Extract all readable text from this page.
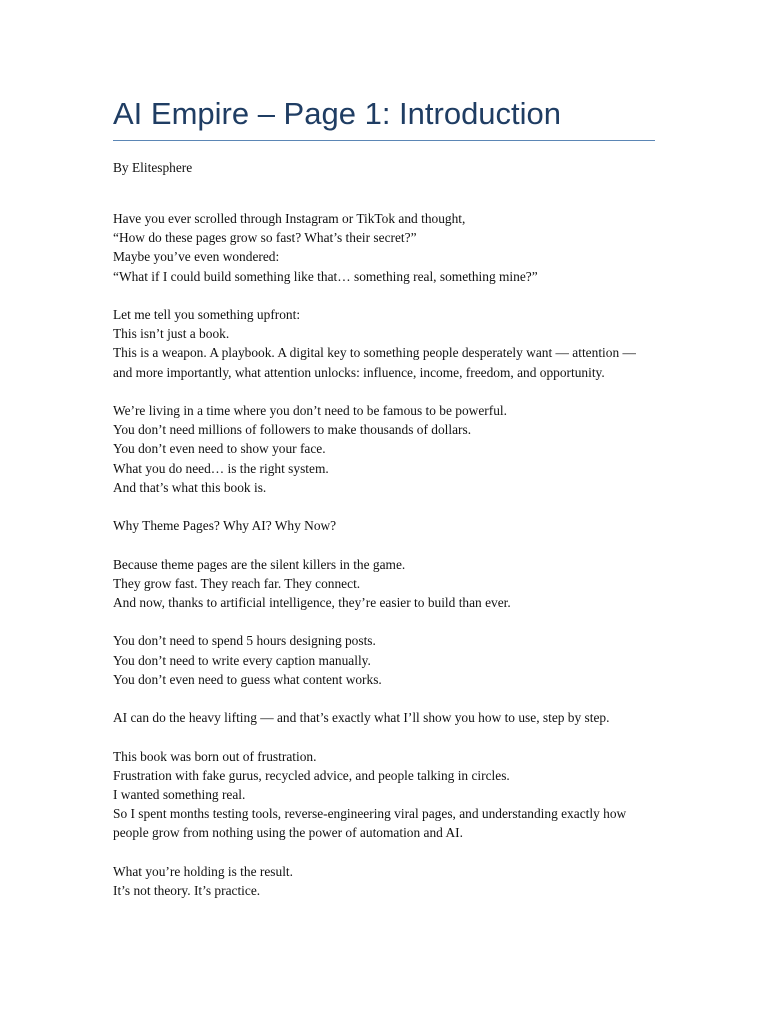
AI Empire – Page 1: Introduction

By Elitesphere

Have you ever scrolled through Instagram or TikTok and thought,
“How do these pages grow so fast? What’s their secret?”
Maybe you’ve even wondered:
“What if I could build something like that… something real, something mine?”
Let me tell you something upfront:
This isn’t just a book.
This is a weapon. A playbook. A digital key to something people desperately want — attention — and more importantly, what attention unlocks: influence, income, freedom, and opportunity.
We’re living in a time where you don’t need to be famous to be powerful.
You don’t need millions of followers to make thousands of dollars.
You don’t even need to show your face.
What you do need… is the right system.
And that’s what this book is.
Why Theme Pages? Why AI? Why Now?
Because theme pages are the silent killers in the game.
They grow fast. They reach far. They connect.
And now, thanks to artificial intelligence, they’re easier to build than ever.
You don’t need to spend 5 hours designing posts.
You don’t need to write every caption manually.
You don’t even need to guess what content works.
AI can do the heavy lifting — and that’s exactly what I’ll show you how to use, step by step.
This book was born out of frustration.
Frustration with fake gurus, recycled advice, and people talking in circles.
I wanted something real.
So I spent months testing tools, reverse-engineering viral pages, and understanding exactly how people grow from nothing using the power of automation and AI.
What you’re holding is the result.
It’s not theory. It’s practice.
